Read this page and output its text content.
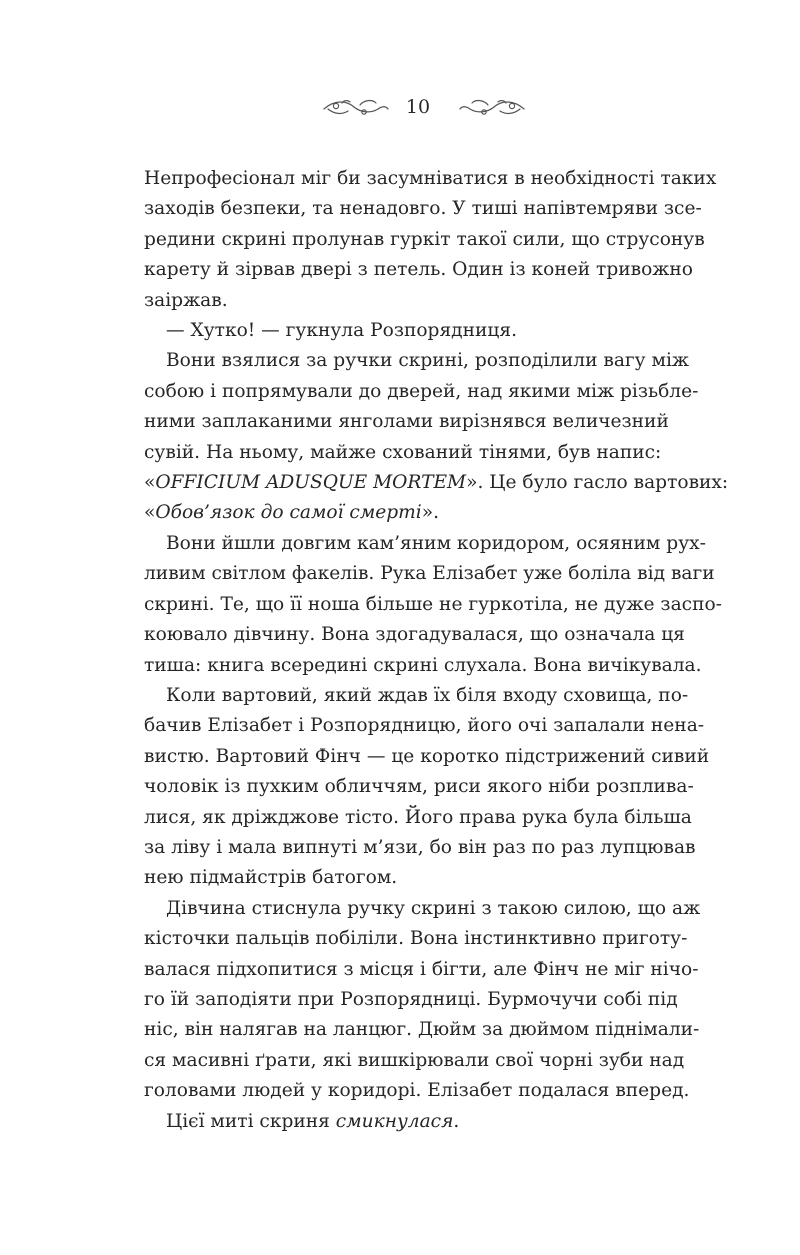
10

Непрофесіонал міг би засумніватися в необхідності таких
заходів безпеки, та ненадовго. У тиші напівтемряви зсе-
редини скрині пролунав гуркіт такої сили, що струсонув
карету й зірвав двері з петель. Один із коней тривожно
заіржав.

— Хутко! — гукнула Розпорядниця.

Вони взялися за ручки скрині, розподілили вагу між
собою і попрямували до дверей, над якими між різьбле-
ними заплаканими янголами вирізнявся величезний
сувій. На ньому, майже схований тінями, був напис:
«OFFICIUM ADUSQUE MORTEM». Це було гасло вартових:
«Обов’язок до самої смерті».

Вони йшли довгим кам’яним коридором, осяяним рух-
ливим світлом факелів. Рука Елізабет уже боліла від ваги
скрині. Те, що її ноша більше не гуркотіла, не дуже заспо-
коювало дівчину. Вона здогадувалася, що означала ця
тиша: книга всередині скрині слухала. Вона вичікувала.

Коли вартовий, який ждав їх біля входу сховища, по-
бачив Елізабет і Розпорядницю, його очі запалали нена-
вистю. Вартовий Фінч — це коротко підстрижений сивий
чоловік із пухким обличчям, риси якого ніби розплива-
лися, як дріжджове тісто. Його права рука була більша
за ліву і мала випнуті м’язи, бо він раз по раз лупцював
нею підмайстрів батогом.

Дівчина стиснула ручку скрині з такою силою, що аж
кісточки пальців побіліли. Вона інстинктивно приготу-
валася підхопитися з місця і бігти, але Фінч не міг нічо-
го їй заподіяти при Розпорядниці. Бурмочучи собі під
ніс, він налягав на ланцюг. Дюйм за дюймом піднімали-
ся масивні ґрати, які вишкірювали свої чорні зуби над
головами людей у коридорі. Елізабет подалася вперед.

Цієї миті скриня смикнулася.
